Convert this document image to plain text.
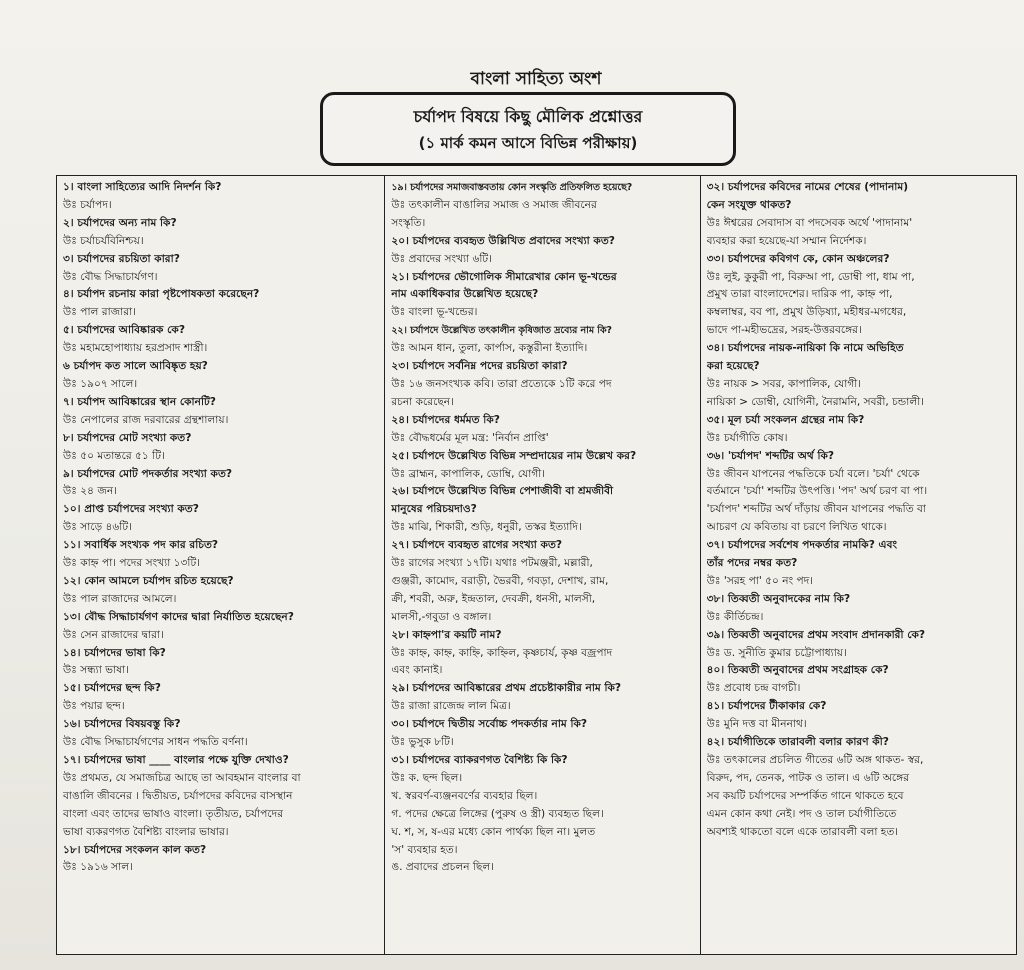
বাংলা সাহিত্য অংশ
চর্যাপদ বিষয়ে কিছু মৌলিক প্রশ্নোত্তর
(১ মার্ক কমন আসে বিভিন্ন পরীক্ষায়)
১। বাংলা সাহিত্যের আদি নিদর্শন কি?
উঃ চর্যাপদ।
২। চর্যাপদের অন্য নাম কি?
উঃ চর্যাচর্যবিনিশ্চয়।
৩। চর্যাপদের রচয়িতা কারা?
উঃ বৌদ্ধ সিদ্ধাচার্যগণ।
৪। চর্যাপদ রচনায় কারা পৃষ্টপোষকতা করেছেন?
উঃ পাল রাজারা।
৫। চর্যাপদের আবিষ্কারক কে?
উঃ মহামহোপাধ্যায় হরপ্রসাদ শাস্ত্রী।
৬ চর্যাপদ কত সালে আবিষ্কৃত হয়?
উঃ ১৯০৭ সালে।
৭। চর্যাপদ আবিষ্কারের স্থান কোনটি?
উঃ নেপালের রাজ দরবারের গ্রন্থশালায়।
৮। চর্যাপদের মোট সংখ্যা কত?
উঃ ৫০ মতান্তরে ৫১ টি।
৯। চর্যাপদের মোট পদকর্তার সংখ্যা কত?
উঃ ২৪ জন।
১০। প্রাপ্ত চর্যাপদের সংখ্যা কত?
উঃ সাড়ে ৪৬টি।
১১। সবার্ধিক সংখ্যক পদ কার রচিত?
উঃ কাহ্ন পা। পদের সংখ্যা ১৩টি।
১২। কোন আমলে চর্যাপদ রচিত হয়েছে?
উঃ পাল রাজাদের আমলে।
১৩। বৌদ্ধ সিদ্ধাচার্যগণ কাদের দ্বারা নির্যাতিত হয়েছেন?
উঃ সেন রাজাদের দ্বারা।
১৪। চর্যাপদের ভাষা কি?
উঃ সন্ধ্যা ভাষা।
১৫। চর্যাপদের ছন্দ কি?
উঃ পয়ার ছন্দ।
১৬। চর্যাপদের বিষয়বস্তু কি?
উঃ বৌদ্ধ সিদ্ধাচার্যগণের সাধন পদ্ধতি বর্ণনা।
১৭। চর্যাপদের ভাষা ____ বাংলার পক্ষে যুক্তি দেখাও?
উঃ প্রথমত, যে সমাজচিত্র আছে তা আবহমান বাংলার বা
বাঙালি জীবনের । দ্বিতীয়ত, চর্যাপদের কবিদের বাসস্থান
বাংলা এবং তাদের ভাষাও বাংলা। তৃতীয়ত, চর্যাপদের
ভাষা ব্যকরণগত বৈশিষ্ট্য বাংলার ভাষার।
১৮। চর্যাপদের সংকলন কাল কত?
উঃ ১৯১৬ সাল।
১৯। চর্যাপদের সমাজবাস্তবতায় কোন সংস্কৃতি প্রতিফলিত হয়েছে?
উঃ তৎকালীন বাঙালির সমাজ ও সমাজ জীবনের
সংস্কৃতি।
২০। চর্যাপদের ব্যবহৃত উল্লিখিত প্রবাদের সংখ্যা কত?
উঃ প্রবাদের সংখ্যা ৬টি।
২১। চর্যাপদের ভৌগোলিক সীমারেখার কোন ভূ-খন্ডের
নাম একাধিকবার উল্লেখিত হয়েছে?
উঃ বাংলা ভূ-খন্ডের।
২২। চর্যাপদে উল্লেখিত তৎকালীন কৃষিজাত দ্রব্যের নাম কি?
উঃ আমন ধান, তুলা, কার্পাস, কস্তুরীনা ইত্যাদি।
২৩। চর্যাপদে সর্বনিম্ন পদের রচয়িতা কারা?
উঃ ১৬ জনসংখ্যক কবি। তারা প্রত্যেকে ১টি করে পদ
রচনা করেছেন।
২৪। চর্যাপদের ধর্মমত কি?
উঃ বৌদ্ধধর্মের মূল মন্ত্র: 'নির্বান প্রাপ্তি'
২৫। চর্যাপদে উল্লেখিত বিভিন্ন সম্প্রদায়ের নাম উল্লেখ কর?
উঃ ব্রাহ্মন, কাপালিক, ডোম্বি, যোগী।
২৬। চর্যাপদে উল্লেখিত বিভিন্ন পেশাজীবী বা শ্রমজীবী
মানুষের পরিচয়দাও?
উঃ মাঝি, শিকারী, শুড়ি, ধনুরী, তস্কর ইত্যাদি।
২৭। চর্যাপদে ব্যবহৃত রাগের সংখ্যা কত?
উঃ রাগের সংখ্যা ১৭টি। যথাঃ পটমঞ্জরী, মল্লারী,
গুঞ্জরী, কামোদ, বরাড়ী, ভৈরবী, গবড়া, দেশাখ, রাম,
ক্রী, শবরী, অরু, ইন্দ্রতাল, দেবক্রী, ধনসী, মালসী,
মালসী,-গবুডা ও বঙ্গাল।
২৮। কাহ্নপা'র কয়টি নাম?
উঃ কাহ্ন, কাহ্ন, কাহ্নি, কাহ্নিল, কৃষ্ণচার্য, কৃষ্ণ বজ্রপাদ
এবং কানাই।
২৯। চর্যাপদের আবিষ্কারের প্রথম প্রচেষ্টাকারীর নাম কি?
উঃ রাজা রাজেন্দ্র লাল মিত্র।
৩০। চর্যাপদে দ্বিতীয় সর্বোচ্চ পদকর্তার নাম কি?
উঃ ভুসুক ৮টি।
৩১। চর্যাপদের ব্যাকরণগত বৈশিষ্ট্য কি কি?
উঃ ক. ছন্দ ছিল।
খ. স্বরবর্ণ-ব্যঞ্জনবর্ণের ব্যবহার ছিল।
গ. পদের ক্ষেত্রে লিঙ্গের (পুরুষ ও স্ত্রী) ব্যবহৃত ছিল।
ঘ. শ, স, ষ-এর মধ্যে কোন পার্থক্য ছিল না। মুলত
'স' ব্যবহার হত।
ঙ. প্রবাদের প্রচলন ছিল।
৩২। চর্যাপদের কবিদের নামের শেষের (পাদানাম)
কেন সংযুক্ত থাকত?
উঃ ঈশ্বরের সেবাদাস বা পদসেবক অর্থে 'পাদানাম'
ব্যবহার করা হয়েছে-যা সম্মান নির্দেশক।
৩৩। চর্যাপদের কবিগণ কে, কোন অঞ্চলের?
উঃ লুই, কুকুরী পা, বিরুআ পা, ডোম্বী পা, ধাম পা,
প্রমুখ তারা বাংলাদেশের। দারিক পা, কাহ্ন পা,
কম্বলাম্বর, বব পা, প্রমুখ উড়িষ্যা, মহীধর-মগধের,
ভাদে পা-মহীভদ্রের, সরহ-উত্তরবঙ্গের।
৩৪। চর্যাপদের নায়ক-নায়িকা কি নামে অভিহিত
করা হয়েছে?
উঃ নায়ক > সবর, কাপালিক, যোগী।
নায়িকা > ডোম্বী, যোগিনী, নৈরামনি, সবরী, চন্ডালী।
৩৫। মূল চর্যা সংকলন গ্রন্থের নাম কি?
উঃ চর্যাগীতি কোষ।
৩৬। 'চর্যাপদ' শব্দটির অর্থ কি?
উঃ জীবন যাপনের পদ্ধতিকে চর্যা বলে। 'চর্যা' থেকে
বর্তমানে 'চর্যা' শব্দটির উৎপত্তি। 'পদ' অর্থ চরণ বা পা।
'চর্যাপদ' শব্দটির অর্থ দাঁড়ায় জীবন যাপনের পদ্ধতি বা
আচরণ যে কবিতায় বা চরণে লিখিত থাকে।
৩৭। চর্যাপদের সর্বশেষ পদকর্তার নামকি? এবং
তাঁর পদের নম্বর কত?
উঃ 'সরহ পা' ৫০ নং পদ।
৩৮। তিব্বতী অনুবাদকের নাম কি?
উঃ কীর্তিচন্দ্র।
৩৯। তিব্বতী অনুবাদের প্রথম সংবাদ প্রদানকারী কে?
উঃ ড. সুনীতি কুমার চট্টোপাধ্যায়।
৪০। তিব্বতী অনুবাদের প্রথম সংগ্রাহক কে?
উঃ প্রবোধ চন্দ্র বাগচী।
৪১। চর্যাপদের টীকাকার কে?
উঃ মুনি দত্ত বা মীননাথ।
৪২। চর্যাগীতিকে তারাবলী বলার কারণ কী?
উঃ তৎকালের প্রচলিত গীতের ৬টি অঙ্গ থাকত- স্বর,
বিরুদ, পদ, তেনক, পাটক ও তাল। এ ৬টি অঙ্গের
সব কয়টি চর্যাপদের সম্পর্কিত গানে থাকতে হবে
এমন কোন কথা নেই। পদ ও তাল চর্যাগীতিতে
অবশ্যই থাকতো বলে একে তারাবলী বলা হত।
